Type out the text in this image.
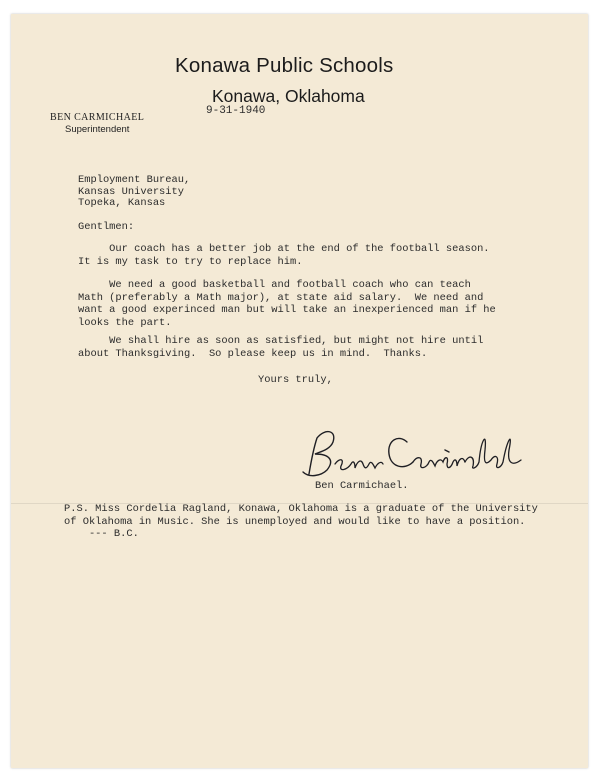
Konawa Public Schools
Konawa, Oklahoma
BEN CARMICHAEL
Superintendent
9-31-1940
Employment Bureau,
Kansas University
Topeka, Kansas
Gentlmen:
Our coach has a better job at the end of the football season.
It is my task to try to replace him.
We need a good basketball and football coach who can teach
Math (preferably a Math major), at state aid salary.  We need and
want a good experinced man but will take an inexperienced man if he
looks the part.
We shall hire as soon as satisfied, but might not hire until
about Thanksgiving.  So please keep us in mind.  Thanks.
Yours truly,
Ben Carmichael.
P.S. Miss Cordelia Ragland, Konawa, Oklahoma is a graduate of the University
of Oklahoma in Music. She is unemployed and would like to have a position.
--- B.C.
